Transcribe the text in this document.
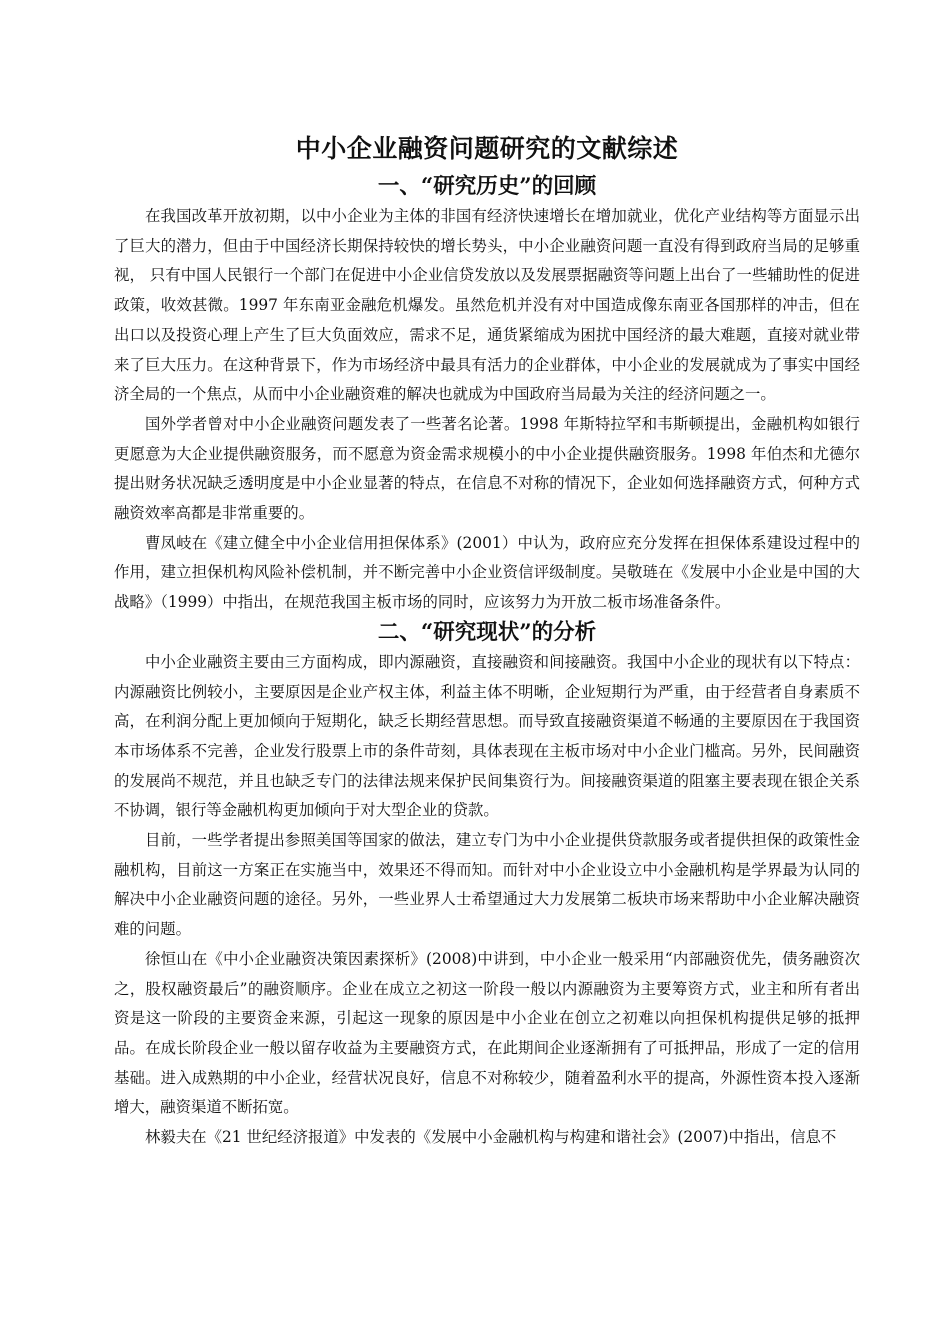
中小企业融资问题研究的文献综述
一、“研究历史”的回顾

在我国改革开放初期，以中小企业为主体的非国有经济快速增长在增加就业，优化产业结构等方面显示出了巨大的潜力，但由于中国经济长期保持较快的增长势头，中小企业融资问题一直没有得到政府当局的足够重视， 只有中国人民银行一个部门在促进中小企业信贷发放以及发展票据融资等问题上出台了一些辅助性的促进政策，收效甚微。1997 年东南亚金融危机爆发。虽然危机并没有对中国造成像东南亚各国那样的冲击，但在出口以及投资心理上产生了巨大负面效应，需求不足，通货紧缩成为困扰中国经济的最大难题，直接对就业带来了巨大压力。在这种背景下，作为市场经济中最具有活力的企业群体，中小企业的发展就成为了事实中国经济全局的一个焦点，从而中小企业融资难的解决也就成为中国政府当局最为关注的经济问题之一。

国外学者曾对中小企业融资问题发表了一些著名论著。1998 年斯特拉罕和韦斯顿提出，金融机构如银行更愿意为大企业提供融资服务，而不愿意为资金需求规模小的中小企业提供融资服务。1998 年伯杰和尤德尔提出财务状况缺乏透明度是中小企业显著的特点，在信息不对称的情况下，企业如何选择融资方式，何种方式融资效率高都是非常重要的。

曹凤岐在《建立健全中小企业信用担保体系》(2001）中认为，政府应充分发挥在担保体系建设过程中的作用，建立担保机构风险补偿机制，并不断完善中小企业资信评级制度。吴敬琏在《发展中小企业是中国的大战略》（1999）中指出，在规范我国主板市场的同时，应该努力为开放二板市场准备条件。

二、“研究现状”的分析

中小企业融资主要由三方面构成，即内源融资，直接融资和间接融资。我国中小企业的现状有以下特点：内源融资比例较小，主要原因是企业产权主体，利益主体不明晰，企业短期行为严重，由于经营者自身素质不高，在利润分配上更加倾向于短期化，缺乏长期经营思想。而导致直接融资渠道不畅通的主要原因在于我国资本市场体系不完善，企业发行股票上市的条件苛刻，具体表现在主板市场对中小企业门槛高。另外，民间融资的发展尚不规范，并且也缺乏专门的法律法规来保护民间集资行为。间接融资渠道的阻塞主要表现在银企关系不协调，银行等金融机构更加倾向于对大型企业的贷款。

目前，一些学者提出参照美国等国家的做法，建立专门为中小企业提供贷款服务或者提供担保的政策性金融机构，目前这一方案正在实施当中，效果还不得而知。而针对中小企业设立中小金融机构是学界最为认同的解决中小企业融资问题的途径。另外，一些业界人士希望通过大力发展第二板块市场来帮助中小企业解决融资难的问题。

徐恒山在《中小企业融资决策因素探析》(2008)中讲到，中小企业一般采用“内部融资优先，债务融资次之，股权融资最后”的融资顺序。企业在成立之初这一阶段一般以内源融资为主要筹资方式，业主和所有者出资是这一阶段的主要资金来源，引起这一现象的原因是中小企业在创立之初难以向担保机构提供足够的抵押品。在成长阶段企业一般以留存收益为主要融资方式，在此期间企业逐渐拥有了可抵押品，形成了一定的信用基础。进入成熟期的中小企业，经营状况良好，信息不对称较少，随着盈利水平的提高，外源性资本投入逐渐增大，融资渠道不断拓宽。

林毅夫在《21 世纪经济报道》中发表的《发展中小金融机构与构建和谐社会》(2007)中指出，信息不
